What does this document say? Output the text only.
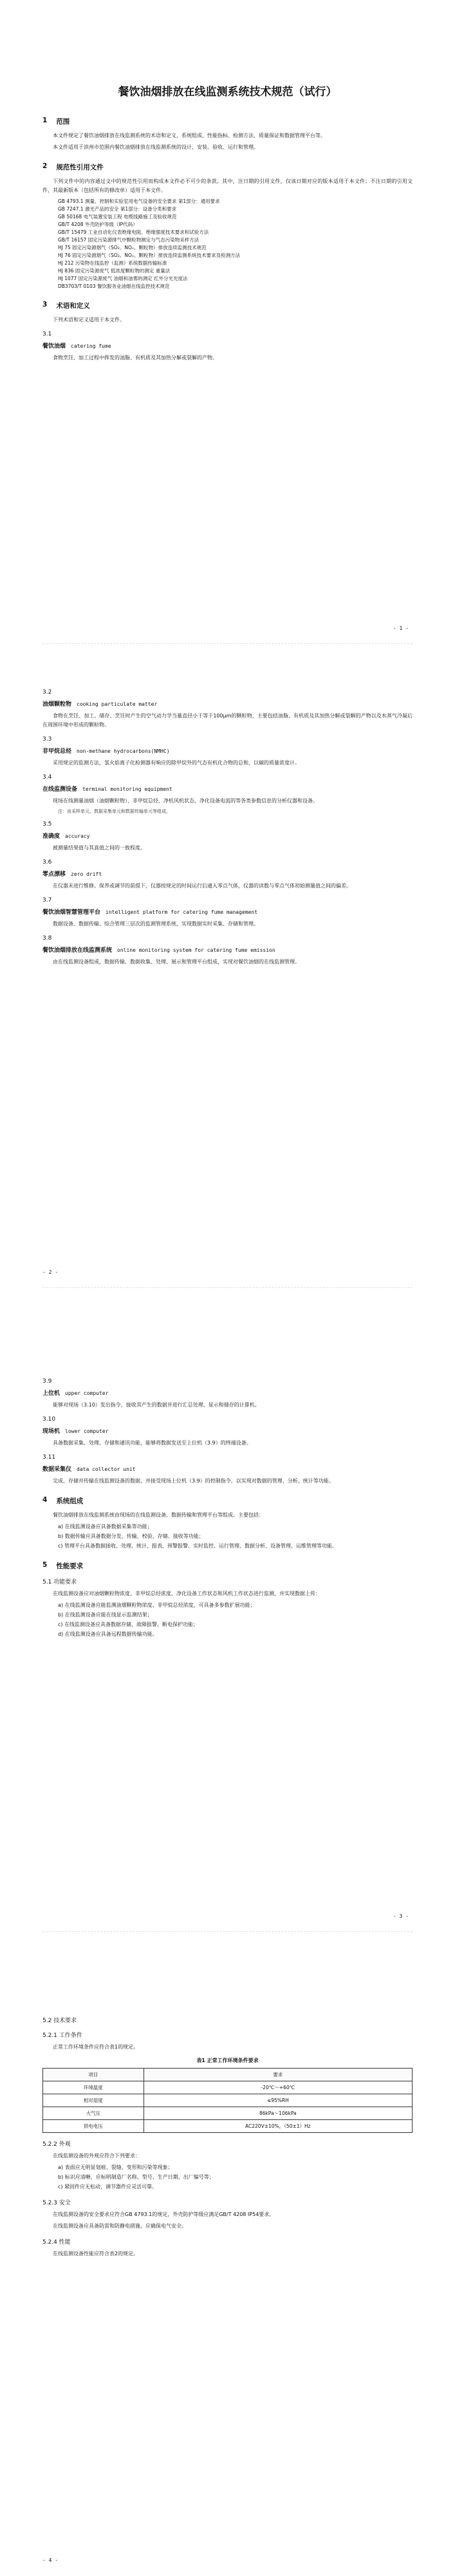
餐饮油烟排放在线监测系统技术规范（试行）
1 范围

本文件规定了餐饮油烟排放在线监测系统的术语和定义、系统组成、性能指标、检测方法、质量保证和数据管理平台等。

本文件适用于滨州市范围内餐饮油烟排放在线监测系统的设计、安装、验收、运行和管理。

2 规范性引用文件

下列文件中的内容通过文中的规范性引用而构成本文件必不可少的条款。其中，注日期的引用文件，仅该日期对应的版本适用于本文件；不注日期的引用文件，其最新版本（包括所有的修改单）适用于本文件。

GB 4793.1 测量、控制和实验室用电气设备的安全要求 第1部分：通用要求
GB 7247.1 激光产品的安全 第1部分：设备分类和要求
GB 50168 电气装置安装工程 电缆线路施工及验收规范
GB/T 4208 外壳防护等级（IP代码）
GB/T 15479 工业自动化仪表绝缘电阻、绝缘强度技术要求和试验方法
GB/T 16157 固定污染源排气中颗粒物测定与气态污染物采样方法
HJ 75 固定污染源烟气（SO₂、NOₓ、颗粒物）排放连续监测技术规范
HJ 76 固定污染源烟气（SO₂、NOₓ、颗粒物）排放连续监测系统技术要求及检测方法
HJ 212 污染物在线监控（监测）系统数据传输标准
HJ 836 固定污染源废气 低浓度颗粒物的测定 重量法
HJ 1077 固定污染源废气 油烟和油雾的测定 红外分光光度法
DB3703/T 0103 餐饮服务业油烟在线监控技术规范
3 术语和定义

下列术语和定义适用于本文件。

3.1
餐饮油烟 catering fume

食物烹饪、加工过程中挥发的油脂、有机质及其加热分解或裂解的产物。

- 1 -
3.2
油烟颗粒物 cooking particulate matter

食物在烹饪、加工、储存、烹饪时产生的空气动力学当量直径小于等于100μm的颗粒物，主要包括油脂、有机质及其加热分解或裂解的产物以及水蒸气冷凝后在周围环境中形成的颗粒物。

3.3
非甲烷总烃 non-methane hydrocarbons(NMHC)

采用规定的监测方法，氢火焰离子化检测器有响应的除甲烷外的气态有机化合物的总和，以碳的质量浓度计。

3.4
在线监测设备 terminal monitoring equipment

现场在线测量油烟（油烟颗粒物）、非甲烷总烃、净机风机状态、净化设备电流的等各类参数信息的分析仪器和设备。

注：由采样单元、数据采集单元和数据传输单元等组成。
3.5
准确度 accuracy

被测量结果值与其真值之间的一致程度。

3.6
零点漂移 zero drift

在仪器未进行维修、保养或调节的前提下，仪器按规定的时间运行后通入零点气体，仪器的读数与零点气体初始测量值之间的偏差。

3.7
餐饮油烟智慧管理平台 intelligent platform for catering fume management

数据设备、数据传输、综合管理三层次的监测管理系统，实现数据实时采集、存储和管理。

3.8
餐饮油烟排放在线监测系统 online monitoring system for catering fume emission

由在线监测设备组成，数据传输、数据收集、处理、展示和管理平台组成，实现对餐饮油烟的在线监测管理。

- 2 -
3.9
上位机 upper computer

能够对现场（3.10）发出指令，接收其产生的数据并进行汇总处理、显示和储存的计算机。

3.10
现场机 lower computer

具备数据采集、处理、存储和通讯功能，能够将数据发送至上位机（3.9）的终端设备。

3.11
数据采集仪 data collector unit

完成、存储并传输在线监测设备的数据，并接受现场上位机（3.9）的控制指令，以实现对数据的管理、分析、统计等功能。

4 系统组成

餐饮油烟排放在线监测系统由现场的在线监测设备、数据传输和管理平台等组成。主要包括：

a) 在线监测设备应具备数据采集等功能；
b) 数据传输应具备数据分发、传输、校验、存储、接收等功能；
c) 管理平台具备数据接收、处理、统计、报表、预警报警、实时监控、运行管理、数据分析、设备管理、运维管理等功能。
5 性能要求
5.1 功能要求

在线监测设备应对油烟颗粒物浓度、非甲烷总烃浓度、净化设备工作状态和风机工作状态进行监测，并实现数据上传：

a) 在线监测设备应能监测油烟颗粒物浓度、非甲烷总烃浓度，可具备多参数扩展功能；
b) 在线监测设备应能在线显示监测结果；
c) 在线监测设备应具备数据存储、故障报警、断电保护功能；
d) 在线监测设备应具备远程数据传输功能。
- 3 -
5.2 技术要求
5.2.1 工作条件

正常工作环境条件应符合表1的规定。

表1 正常工作环境条件要求
项目	要求
环境温度	-20℃～+60℃
相对湿度	≤95%RH
大气压	86kPa～106kPa
供电电压	AC220V±10%，（50±1）Hz
5.2.2 外观

在线监测设备的外观应符合下列要求：

a) 表面应无明显划痕、裂缝、变形和污染等现象；
b) 标识应清晰，应标明制造厂名称、型号、生产日期、出厂编号等；
c) 紧固件应无松动，调节器件应灵活可靠。
5.2.3 安全

在线监测设备的安全要求应符合GB 4793.1的规定，外壳防护等级应满足GB/T 4208 IP54要求。

在线监测设备应具备防雷和防静电措施，应确保电气安全。

5.2.4 性能

在线监测设备性能应符合表2的规定。

- 4 -
